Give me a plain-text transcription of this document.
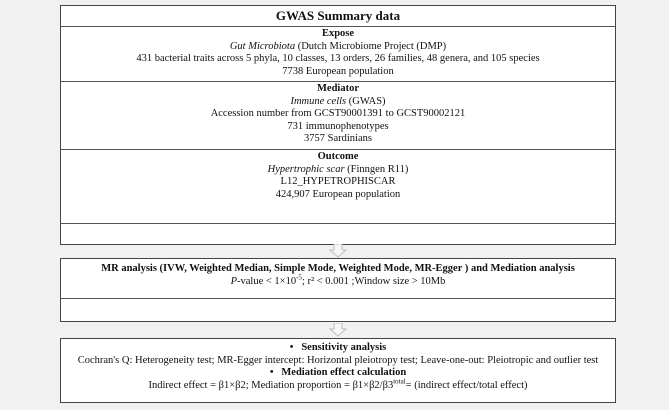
GWAS Summary data
Expose
Gut Microbiota (Dutch Microbiome Project (DMP)
431 bacterial traits across 5 phyla, 10 classes, 13 orders, 26 families, 48 genera, and 105 species
7738 European population
Mediator
Immune cells (GWAS)
Accession number from GCST90001391 to GCST90002121
731 immunophenotypes
3757 Sardinians
Outcome
Hypertrophic scar (Finngen R11)
L12_HYPETROPHISCAR
424,907 European population
MR analysis (IVW, Weighted Median, Simple Mode, Weighted Mode, MR-Egger ) and Mediation analysis
P-value < $1\times 10^{-5}$; r² < 0.001 ;Window size > 10Mb
• Sensitivity analysis
Cochran's Q: Heterogeneity test; MR-Egger intercept: Horizontal pleiotropy test; Leave-one-out: Pleiotropic and outlier test
• Mediation effect calculation
Indirect effect = β1×β2; Mediation proportion = $\beta 1\times\beta 2/\beta 3^{total}=$ (indirect effect/total effect)
